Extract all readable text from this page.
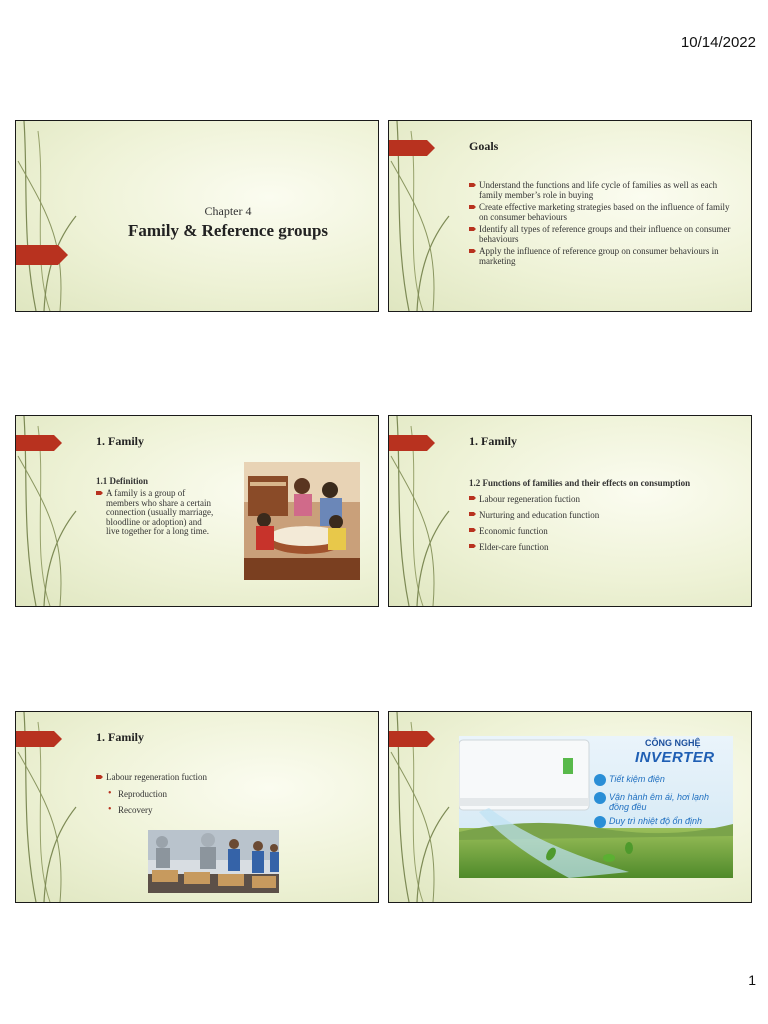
10/14/2022
1
Chapter 4
Family & Reference groups
Goals
Understand the functions and life cycle of families as well as each family member’s role in buying
Create effective marketing strategies based on the influence of family on consumer behaviours
Identify all types of reference groups and their influence on consumer behaviours
Apply the influence of reference group on consumer behaviours in marketing
1. Family
1.1 Definition
A family is a group of members who share a certain connection (usually marriage, bloodline or adoption) and live together for a long time.
1. Family
1.2 Functions of families and their effects on consumption
Labour regeneration fuction
Nurturing and education function
Economic function
Elder-care function
1. Family
Labour regeneration fuction
• Reproduction
• Recovery
CÔNG NGHỆ
INVERTER
Tiết kiệm điện
Vận hành êm ái, hơi lạnh đồng đều
Duy trì nhiệt độ ổn định
